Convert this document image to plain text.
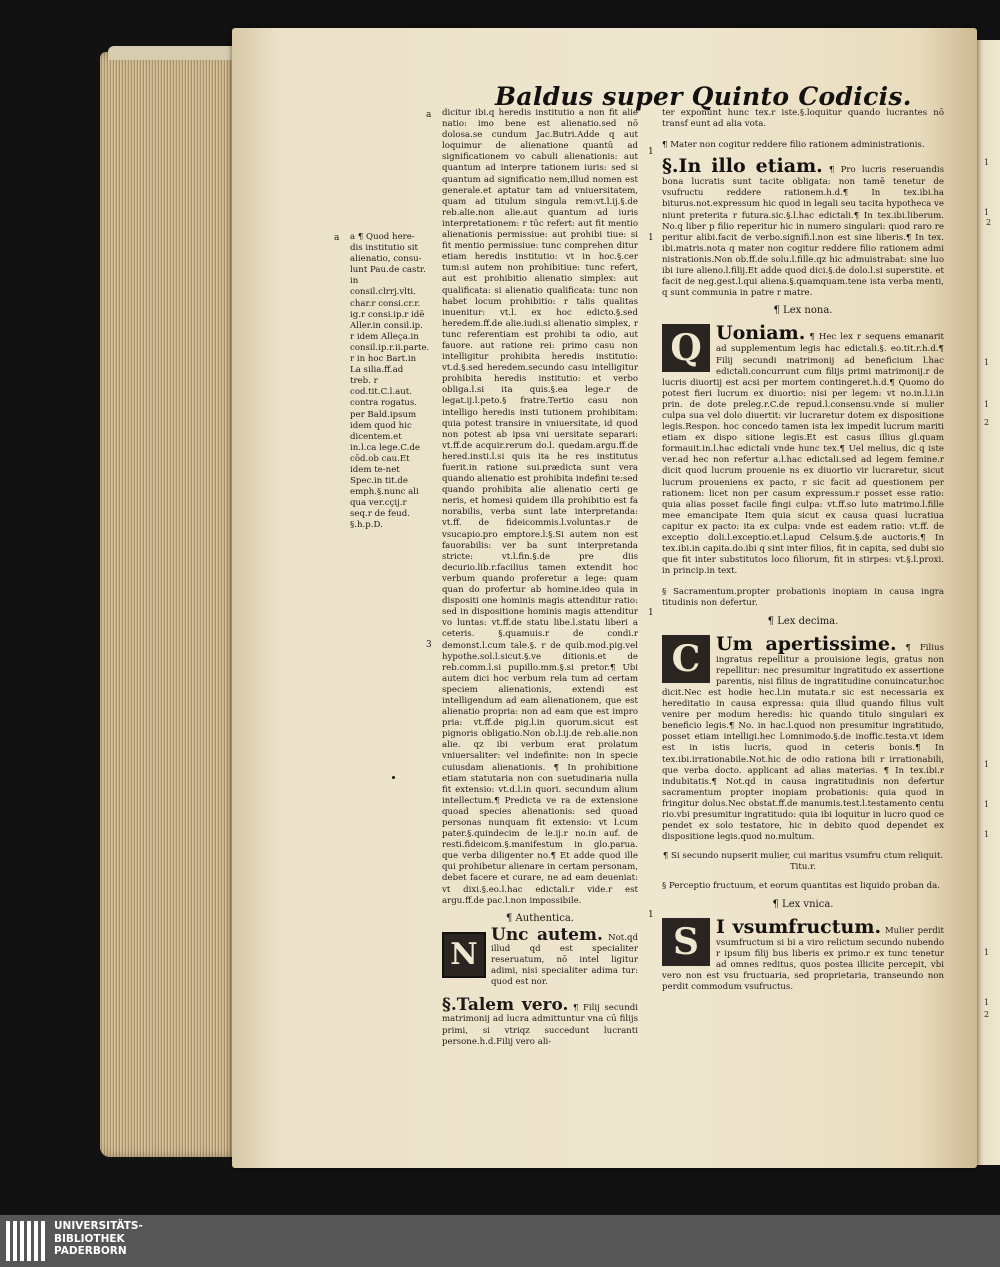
1
1
2
1
1
2
1
1
1
1
1
2
Baldus super Quinto Codicis.
a
a
1
1
3
1
1
a ¶ Quod here-dis institutio sit alienatio, consu-lunt Pau.de castr. in consil.clrrj.vlti. char.r consi.cr.r. ig.r consi.ip.r idē Aller.in consil.ip. r idem Alleça.in consil.ip.r.ii.parte. r in hoc Bart.in La silia.ff.ad treb. r cod.tit.C.l.aut. contra rogatus. per Bald.ipsum idem quod hic dicentem.et in.l.ca lege.C.de cōd.ob cau.Et idem te-net Spec.in tit.de emph.§.nunc ali qua ver.cçij.r seq.r de feud. §.h.p.D.
dicitur ibi.q heredis institutio a non fit alie natio: imo bene est alienatio.sed nō dolosa.se cundum Jac.Butri.Adde q aut loquimur de alienatione quantū ad significationem vo cabuli alienationis: aut quantum ad interpre tationem iuris: sed si quantum ad significatio nem,illud nomen est generale.et aptatur tam ad vniuersitatem, quam ad titulum singula rem:vt.l.ij.§.de reb.alie.non alie.aut quantum ad iuris interpretationem: r tūc refert: aut fit mentio alienationis permissiue: aut prohibi tiue: si fit mentio permissiue: tunc comprehen ditur etiam heredis institutio: vt in hoc.§.cer tum:si autem non prohibitiue: tunc refert, aut est prohibitio alienatio simplex: aut qualificata: si alienatio qualificata: tunc non habet locum prohibitio: r talis qualitas inuenitur: vt.l. ex hoc edicto.§.sed heredem.ff.de alie.iudi.si alienatio simplex, r tunc referentiam est prohibi ta odio, aut fauore. aut ratione rei: primo casu non intelligitur prohibita heredis institutio: vt.d.§.sed heredem.secundo casu intelligitur prohibita heredis institutio: et verbo obliga.l.si ita quis.§.ea lege.r de legat.ij.l.peto.§ fratre.Tertio casu non intelligo heredis insti tutionem prohibitam: quia potest transire in vniuersitate, id quod non potest ab ipsa vni uersitate separari: vt.ff.de acquir.rerum do.l. quedam.argu.ff.de hered.insti.l.si quis ita he res institutus fuerit.in ratione sui.prædicta sunt vera quando alienatio est prohibita indefini te:sed quando prohibita alie alienatio certi ge neris, et homesi quidem illa prohibitio est fa norabilis, verba sunt late interpretanda: vt.ff. de fideicommis.l.voluntas.r de vsucapio.pro emptore.l.§.Si autem non est fauorabilis: ver ba sunt interpretanda stricte: vt.l.fin.§.de pre diis decurio.lib.r.facilius tamen extendit hoc verbum quando proferetur a lege: quam quan do profertur ab homine.ideo quia in dispositi one hominis magis attenditur ratio: sed in dispositione hominis magis attenditur vo luntas: vt.ff.de statu libe.l.statu liberi a ceteris. §.quamuis.r de condi.r demonst.l.cum tale.§. r de quib.mod.pig.vel hypothe.sol.l.sicut.§.ve ditionis.et de reb.comm.l.si pupillo.mm.§.si pretor.¶ Ubi autem dici hoc verbum rela tum ad certam speciem alienationis, extendi est intelligendum ad eam alienationem, que est alienatio propria: non ad eam que est impro pria: vt.ff.de pig.l.in quorum.sicut est pignoris obligatio.Non ob.l.ij.de reb.alie.non alie. qz ibi verbum erat prolatum vniuersaliter: vel indefinite: non in specie cuiusdam alienationis. ¶ In prohibitione etiam statutaria non con suetudinaria nulla fit extensio: vt.d.l.in quori. secundum alium intellectum.¶ Predicta ve ra de extensione quoad species alienationis: sed quoad personas nunquam fit extensio: vt l.cum pater.§.quindecim de le.ij.r no.in auf. de resti.fideicom.§.manifestum in glo.parua. que verba diligenter no.¶ Et adde quod ille qui prohibetur alienare in certam personam, debet facere et curare, ne ad eam deueniat: vt dixi.§.eo.l.hac edictali.r vide.r est argu.ff.de pac.l.non impossibile.
¶ Authentica.
N
Unc autem. Not.qd illud qd est specialiter reseruatum, nō intel ligitur adimi, nisi specialiter adima tur: quod est nor.
§.Talem vero. ¶ Filij secundi matrimonij ad lucra admittuntur vna cū filijs primi, si vtriqz succedunt lucranti persone.h.d.Filij vero ali-
ter exponunt hunc tex.r iste.§.loquitur quando lucrantes nō transf eunt ad alia vota.
¶ Mater non cogitur reddere filio rationem administrationis.
§.In illo etiam. ¶ Pro lucris reseruandis bona lucratis sunt tacite obligata: non tamē tenetur de vsufructu reddere rationem.h.d.¶ In tex.ibi.ha biturus.not.expressum hic quod in legali seu tacita hypotheca ve niunt preterita r futura.sic.§.l.hac edictali.¶ In tex.ibi.liberum. No.q liber p filio reperitur hic in numero singulari: quod raro re peritur alibi.facit de verbo.signifi.l.non est sine liberis.¶ In tex. ibi.matris.nota q mater non cogitur reddere filio rationem admi nistrationis.Non ob.ff.de solu.l.fille.qz hic admuistrabat: sine luo ibi iure alieno.l.filij.Et adde quod dici.§.de dolo.l.si superstite. et facit de neg.gest.l.qui aliena.§.quamquam.tene ista verba menti, q sunt communia in patre r matre.
¶ Lex nona.
Q Uoniam. ¶ Hec lex r sequens emanarit ad supplementum legis hac edictali.§. eo.tit.r.h.d.¶ Filij secundi matrimonij ad beneficium l.hac edictali.concurrunt cum filijs primi matrimonij.r de lucris diuortij est acsi per mortem contingeret.h.d.¶ Quomo do potest fieri lucrum ex diuortio: nisi per legem: vt no.in.l.i.in prin. de dote preleg.r.C.de repud.l.consensu.vnde si mulier culpa sua vel dolo diuertit: vir lucraretur dotem ex dispositione legis.Respon. hoc concedo tamen ista lex impedit lucrum mariti etiam ex dispo sitione legis.Et est casus illius gl.quam formauit.in.l.hac edictali vnde hunc tex.¶ Uel melius, dic q iste ver.ad hec non refertur a.l.hac edictali.sed ad legem femine.r dicit quod lucrum prouenie ns ex diuortio vir lucraretur, sicut lucrum proueniens ex pacto, r sic facit ad questionem per rationem: licet non per casum expressum.r posset esse ratio: quia alias posset facile fingi culpa: vt.ff.so luto matrimo.l.fille mee emancipate Item quia sicut ex causa quasi lucratiua capitur ex pacto: ita ex culpa: vnde est eadem ratio: vt.ff. de exceptio doli.l.exceptio.et.l.apud Celsum.§.de auctoris.¶ In tex.ibi.in capita.do.ibi q sint inter filios, fit in capita, sed dubi sio que fit inter substitutos loco filiorum, fit in stirpes: vt.§.l.proxi. in princip.in text.
§ Sacramentum.propter probationis inopiam in causa ingra titudinis non defertur.
¶ Lex decima.
C Um apertissime. ¶ Filius ingratus repellitur a prouisione legis, gratus non repellitur: nec presumitur ingratitudo ex assertione parentis, nisi filius de ingratitudine conuincatur.hoc dicit.Nec est hodie hec.l.in mutata.r sic est necessaria ex hereditatio in causa expressa: quia illud quando filius vult venire per modum heredis: hic quando titulo singulari ex beneficio legis.¶ No. in hac.l.quod non presumitur ingratitudo, posset etiam intelligi.hec l.omnimodo.§.de inoffic.testa.vt idem est in istis lucris, quod in ceteris bonis.¶ In tex.ibi.irrationabile.Not.hic de odio rationa bili r irrationabili, que verba docto. applicant ad alias materias. ¶ In tex.ibi.r indubitatis.¶ Not.qd in causa ingratitudinis non defertur sacramentum propter inopiam probationis: quia quod in fringitur dolus.Nec obstat.ff.de manumis.test.l.testamento centu rio.vbi presumitur ingratitudo: quia ibi loquitur in lucro quod ce pendet ex solo testatore, hic in debito quod dependet ex dispositione legis.quod no.multum.
¶ Si secundo nupserit mulier, cui maritus vsumfru ctum reliquit. Titu.r.
§ Perceptio fructuum, et eorum quantitas est liquido proban da.
¶ Lex vnica.
S I vsumfructum. Mulier perdit vsumfructum si bi a viro relictum secundo nubendo r ipsum filij bus liberis ex primo.r ex tunc tenetur ad omnes reditus, quos postea illicite percepit, vbi vero non est vsu fructuaria, sed proprietaria, transeundo non perdit commodum vsufructus.
UNIVERSITÄTS-
BIBLIOTHEK
PADERBORN
